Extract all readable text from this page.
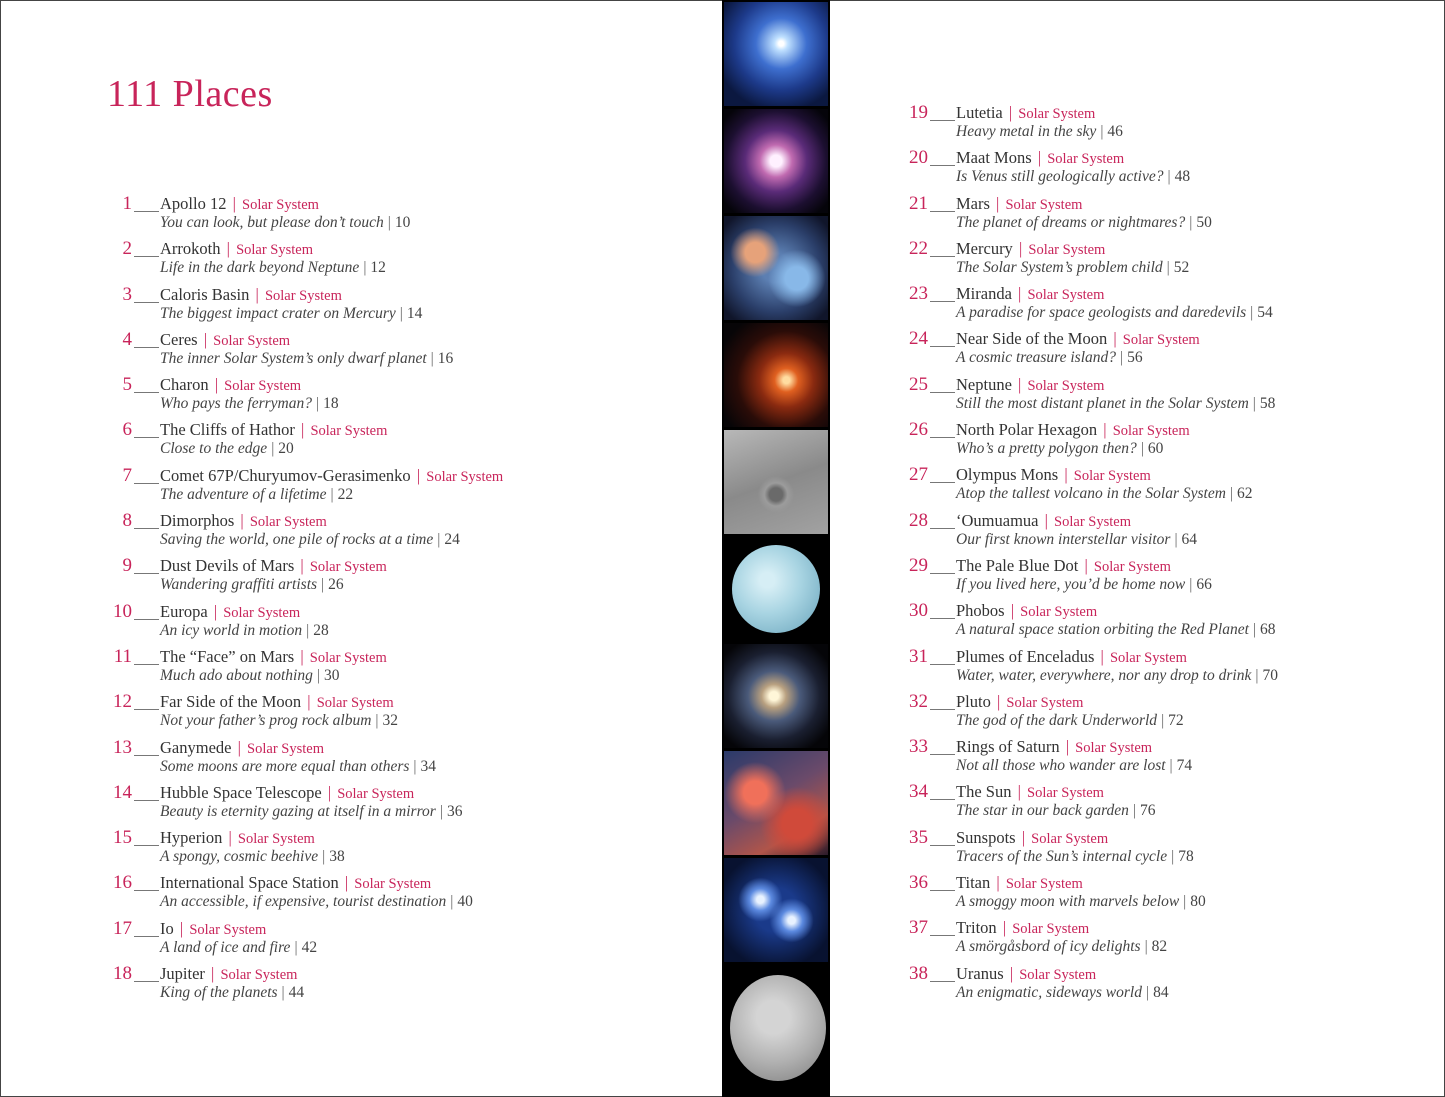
111 Places
1 Apollo 12 | Solar System
You can look, but please don’t touch | 10
2 Arrokoth | Solar System
Life in the dark beyond Neptune | 12
3 Caloris Basin | Solar System
The biggest impact crater on Mercury | 14
4 Ceres | Solar System
The inner Solar System’s only dwarf planet | 16
5 Charon | Solar System
Who pays the ferryman? | 18
6 The Cliffs of Hathor | Solar System
Close to the edge | 20
7 Comet 67P/Churyumov-Gerasimenko | Solar System
The adventure of a lifetime | 22
8 Dimorphos | Solar System
Saving the world, one pile of rocks at a time | 24
9 Dust Devils of Mars | Solar System
Wandering graffiti artists | 26
10 Europa | Solar System
An icy world in motion | 28
11 The “Face” on Mars | Solar System
Much ado about nothing | 30
12 Far Side of the Moon | Solar System
Not your father’s prog rock album | 32
13 Ganymede | Solar System
Some moons are more equal than others | 34
14 Hubble Space Telescope | Solar System
Beauty is eternity gazing at itself in a mirror | 36
15 Hyperion | Solar System
A spongy, cosmic beehive | 38
16 International Space Station | Solar System
An accessible, if expensive, tourist destination | 40
17 Io | Solar System
A land of ice and fire | 42
18 Jupiter | Solar System
King of the planets | 44
19 Lutetia | Solar System
Heavy metal in the sky | 46
20 Maat Mons | Solar System
Is Venus still geologically active? | 48
21 Mars | Solar System
The planet of dreams or nightmares? | 50
22 Mercury | Solar System
The Solar System’s problem child | 52
23 Miranda | Solar System
A paradise for space geologists and daredevils | 54
24 Near Side of the Moon | Solar System
A cosmic treasure island? | 56
25 Neptune | Solar System
Still the most distant planet in the Solar System | 58
26 North Polar Hexagon | Solar System
Who’s a pretty polygon then? | 60
27 Olympus Mons | Solar System
Atop the tallest volcano in the Solar System | 62
28 ‘Oumuamua | Solar System
Our first known interstellar visitor | 64
29 The Pale Blue Dot | Solar System
If you lived here, you’d be home now | 66
30 Phobos | Solar System
A natural space station orbiting the Red Planet | 68
31 Plumes of Enceladus | Solar System
Water, water, everywhere, nor any drop to drink | 70
32 Pluto | Solar System
The god of the dark Underworld | 72
33 Rings of Saturn | Solar System
Not all those who wander are lost | 74
34 The Sun | Solar System
The star in our back garden | 76
35 Sunspots | Solar System
Tracers of the Sun’s internal cycle | 78
36 Titan | Solar System
A smoggy moon with marvels below | 80
37 Triton | Solar System
A smörgåsbord of icy delights | 82
38 Uranus | Solar System
An enigmatic, sideways world | 84
